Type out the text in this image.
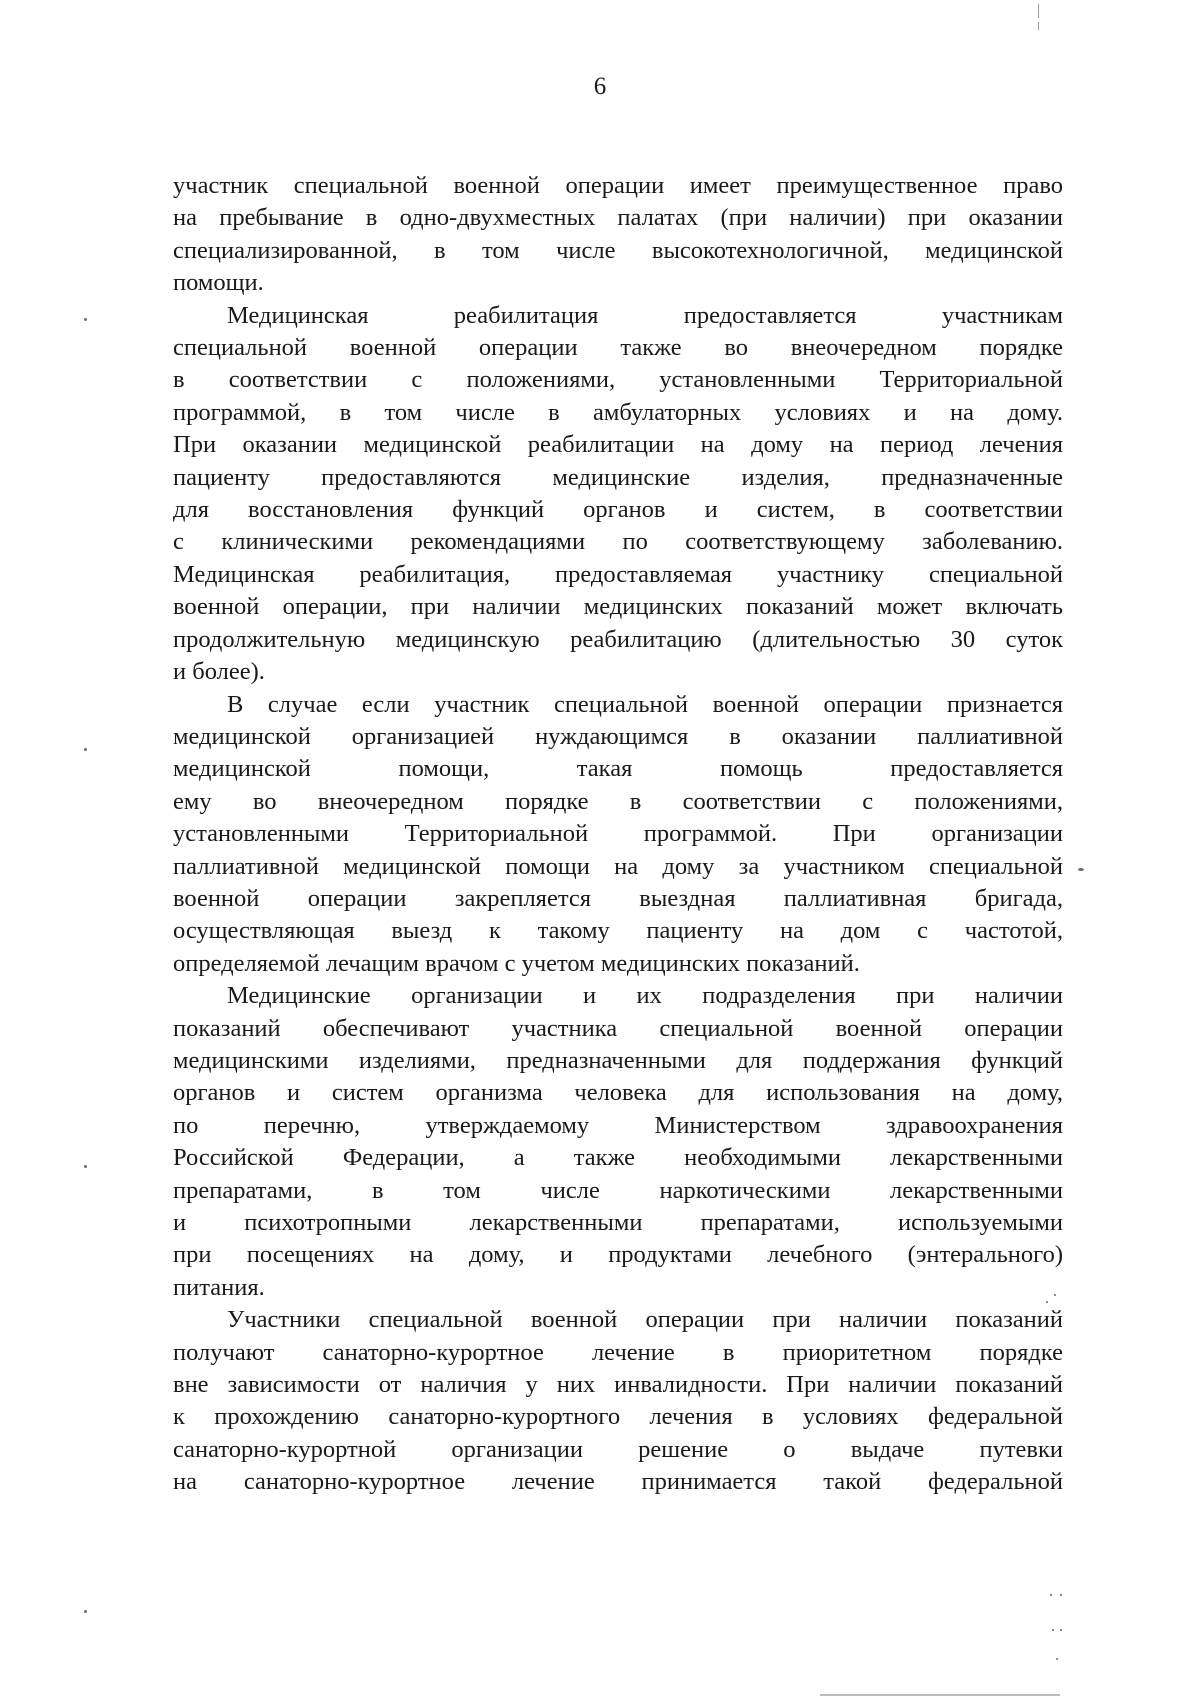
6

участник специальной военной операции имеет преимущественное право
на пребывание в одно-двухместных палатах (при наличии) при оказании
специализированной, в том числе высокотехнологичной, медицинской
помощи.

Медицинская реабилитация предоставляется участникам
специальной военной операции также во внеочередном порядке
в соответствии с положениями, установленными Территориальной
программой, в том числе в амбулаторных условиях и на дому.
При оказании медицинской реабилитации на дому на период лечения
пациенту предоставляются медицинские изделия, предназначенные
для восстановления функций органов и систем, в соответствии
с клиническими рекомендациями по соответствующему заболеванию.
Медицинская реабилитация, предоставляемая участнику специальной
военной операции, при наличии медицинских показаний может включать
продолжительную медицинскую реабилитацию (длительностью 30 суток
и более).

В случае если участник специальной военной операции признается
медицинской организацией нуждающимся в оказании паллиативной
медицинской помощи, такая помощь предоставляется
ему во внеочередном порядке в соответствии с положениями,
установленными Территориальной программой. При организации
паллиативной медицинской помощи на дому за участником специальной
военной операции закрепляется выездная паллиативная бригада,
осуществляющая выезд к такому пациенту на дом с частотой,
определяемой лечащим врачом с учетом медицинских показаний.

Медицинские организации и их подразделения при наличии
показаний обеспечивают участника специальной военной операции
медицинскими изделиями, предназначенными для поддержания функций
органов и систем организма человека для использования на дому,
по перечню, утверждаемому Министерством здравоохранения
Российской Федерации, а также необходимыми лекарственными
препаратами, в том числе наркотическими лекарственными
и психотропными лекарственными препаратами, используемыми
при посещениях на дому, и продуктами лечебного (энтерального)
питания.

Участники специальной военной операции при наличии показаний
получают санаторно-курортное лечение в приоритетном порядке
вне зависимости от наличия у них инвалидности. При наличии показаний
к прохождению санаторно-курортного лечения в условиях федеральной
санаторно-курортной организации решение о выдаче путевки
на санаторно-курортное лечение принимается такой федеральной
